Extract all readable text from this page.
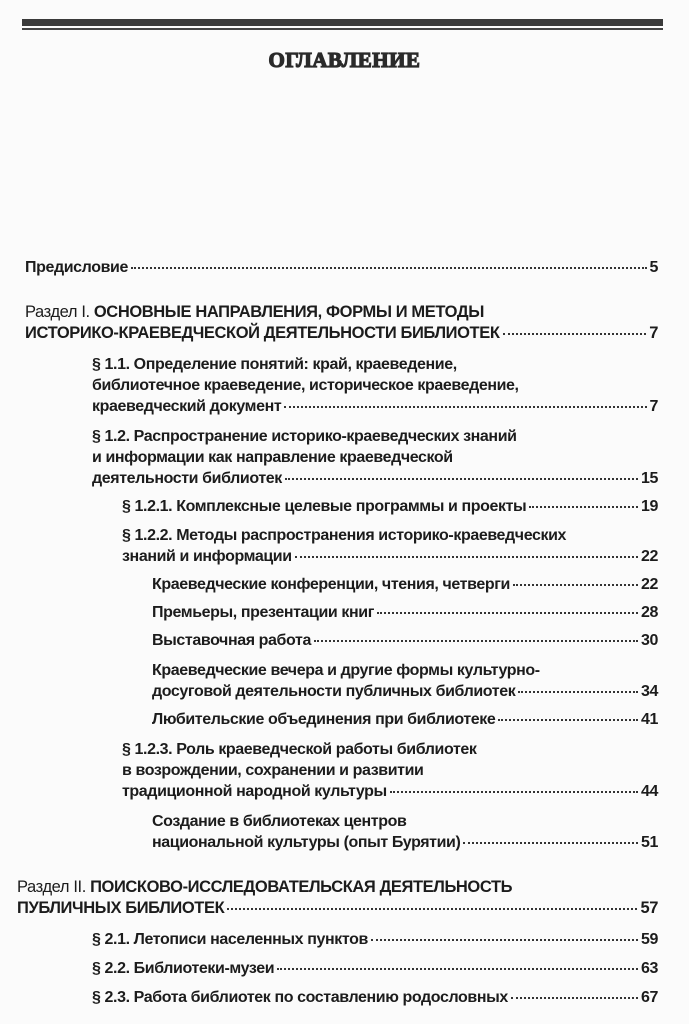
ОГЛАВЛЕНИЕ
Предисловие	5
Раздел I. ОСНОВНЫЕ НАПРАВЛЕНИЯ, ФОРМЫ И МЕТОДЫ
ИСТОРИКО-КРАЕВЕДЧЕСКОЙ ДЕЯТЕЛЬНОСТИ БИБЛИОТЕК	7
§ 1.1. Определение понятий: край, краеведение,
библиотечное краеведение, историческое краеведение,
краеведческий документ	7
§ 1.2. Распространение историко-краеведческих знаний
и информации как направление краеведческой
деятельности библиотек	15
§ 1.2.1. Комплексные целевые программы и проекты	19
§ 1.2.2. Методы распространения историко-краеведческих
знаний и информации	22
Краеведческие конференции, чтения, четверги	22
Премьеры, презентации книг	28
Выставочная работа	30
Краеведческие вечера и другие формы культурно-
досуговой деятельности публичных библиотек	34
Любительские объединения при библиотеке	41
§ 1.2.3. Роль краеведческой работы библиотек
в возрождении, сохранении и развитии
традиционной народной культуры	44
Создание в библиотеках центров
национальной культуры (опыт Бурятии)	51
Раздел II. ПОИСКОВО-ИССЛЕДОВАТЕЛЬСКАЯ ДЕЯТЕЛЬНОСТЬ
ПУБЛИЧНЫХ БИБЛИОТЕК	57
§ 2.1. Летописи населенных пунктов	59
§ 2.2. Библиотеки-музеи	63
§ 2.3. Работа библиотек по составлению родословных	67
